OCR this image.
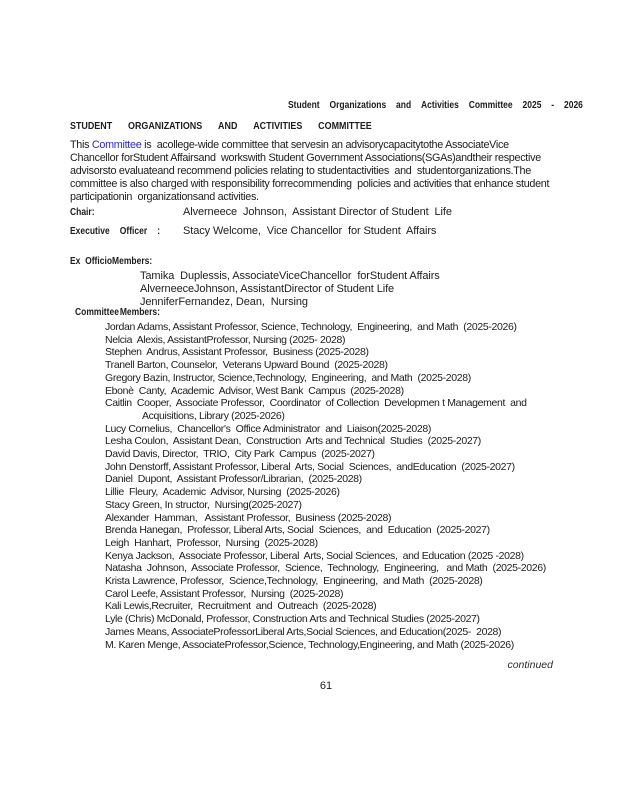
Student Organizations and Activities Committee 2025 - 2026
STUDENT ORGANIZATIONS AND ACTIVITIES COMMITTEE
This Committee is  acollege-wide committee that servesin an advisorycapacitytothe AssociateVice
Chancellor forStudent Affairsand  workswith Student Government Associations(SGAs)andtheir respective
advisorsto evaluateand recommend policies relating to studentactivities  and  studentorganizations.The
committee is also charged with responsibility forrecommending  policies and activities that enhance student
participationin  organizationsand activities.
Chair:	Alverneece  Johnson,  Assistant Director of Student  Life
Executive Officer : Stacy Welcome,  Vice Chancellor  for Student  Affairs
Ex  OfficioMembers:
Tamika  Duplessis, AssociateViceChancellor  forStudent Affairs
AlverneeceJohnson, AssistantDirector of Student Life
JenniferFernandez, Dean,  Nursing
Committee Members:
Jordan Adams, Assistant Professor, Science, Technology,  Engineering,  and Math  (2025-2026)
Nelcia  Alexis, AssistantProfessor, Nursing (2025- 2028)
Stephen  Andrus, Assistant Professor,  Business (2025-2028)
Tranell Barton, Counselor,  Veterans Upward Bound  (2025-2028)
Gregory Bazin, Instructor, Science,Technology,  Engineering,  and Math  (2025-2028)
Ebonè  Canty,  Academic  Advisor, West Bank  Campus  (2025-2028)
Caitlin  Cooper,  Associate Professor,  Coordinator  of Collection  Developmen t Management  and
Acquisitions, Library (2025-2026)
Lucy Cornelius,  Chancellor's  Office Administrator  and  Liaison(2025-2028)
Lesha Coulon,  Assistant Dean,  Construction  Arts and Technical  Studies  (2025-2027)
David Davis, Director,  TRIO,  City Park  Campus  (2025-2027)
John Denstorff, Assistant Professor, Liberal  Arts, Social  Sciences,  andEducation  (2025-2027)
Daniel  Dupont,  Assistant Professor/Librarian,  (2025-2028)
Lillie  Fleury,  Academic  Advisor, Nursing  (2025-2026)
Stacy Green, In structor,  Nursing(2025-2027)
Alexander  Hamman,   Assistant Professor,  Business (2025-2028)
Brenda Hanegan,  Professor, Liberal Arts, Social  Sciences,  and  Education  (2025-2027)
Leigh  Hanhart,  Professor,  Nursing  (2025-2028)
Kenya Jackson,  Associate Professor, Liberal  Arts, Social Sciences,  and Education (2025 -2028)
Natasha  Johnson,  Associate Professor,  Science,  Technology,  Engineering,   and Math  (2025-2026)
Krista Lawrence, Professor,  Science,Technology,  Engineering,  and Math  (2025-2028)
Carol Leefe, Assistant Professor,  Nursing  (2025-2028)
Kali Lewis,Recruiter,  Recruitment  and  Outreach  (2025-2028)
Lyle (Chris) McDonald, Professor, Construction Arts and Technical Studies (2025-2027)
James Means, AssociateProfessorLiberal Arts,Social Sciences, and Education(2025-  2028)
M. Karen Menge, AssociateProfessor,Science, Technology,Engineering, and Math (2025-2026)
continued
61
